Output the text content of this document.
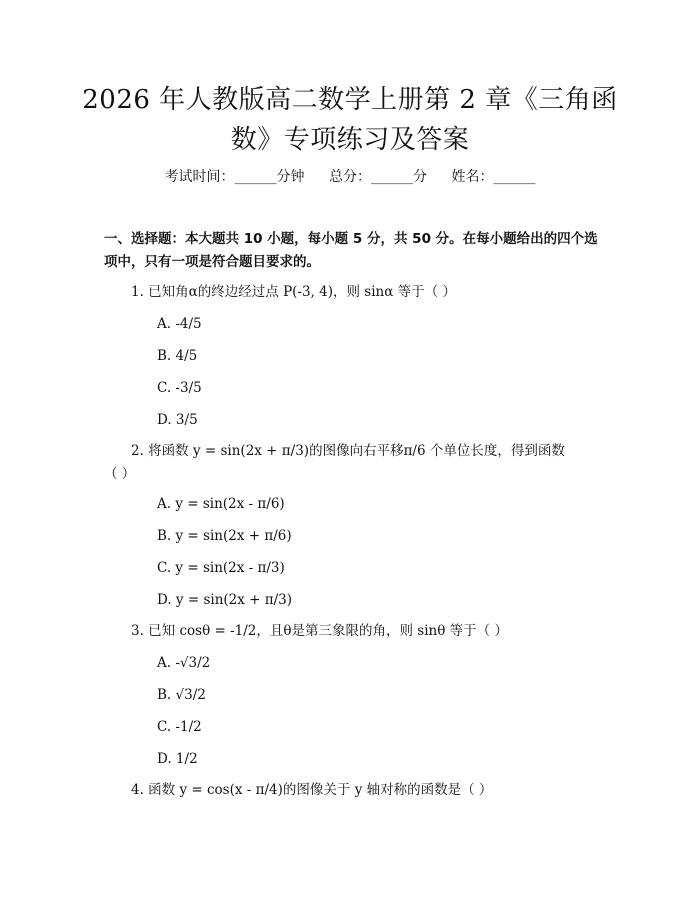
2026 年人教版高二数学上册第 2 章《三角函
数》专项练习及答案
考试时间：______分钟 总分：______分 姓名：______
一、选择题：本大题共 10 小题，每小题 5 分，共 50 分。在每小题给出的四个选项中，只有一项是符合题目要求的。
1. 已知角α的终边经过点 P(-3, 4)，则 sinα 等于（ ）
A. -4/5
B. 4/5
C. -3/5
D. 3/5
2. 将函数 y = sin(2x + π/3)的图像向右平移π/6 个单位长度，得到函数
（ ）
A. y = sin(2x - π/6)
B. y = sin(2x + π/6)
C. y = sin(2x - π/3)
D. y = sin(2x + π/3)
3. 已知 cosθ = -1/2，且θ是第三象限的角，则 sinθ 等于（ ）
A. -√3/2
B. √3/2
C. -1/2
D. 1/2
4. 函数 y = cos(x - π/4)的图像关于 y 轴对称的函数是（ ）
